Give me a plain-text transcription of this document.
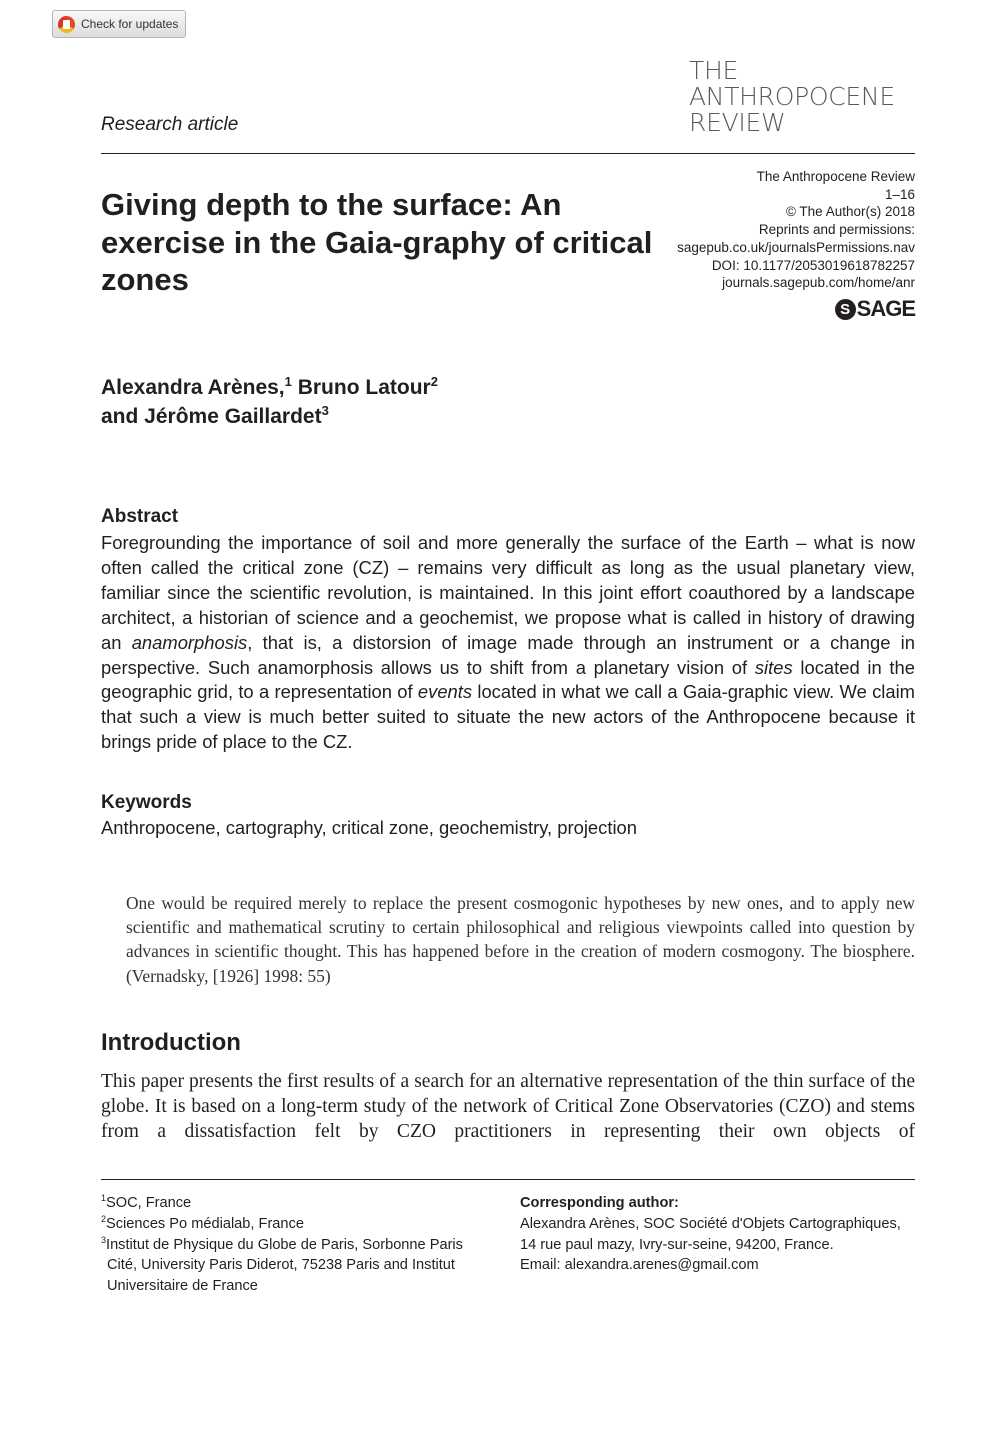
Check for updates
THE
ANTHROPOCENE
REVIEW
Research article
The Anthropocene Review
1–16
© The Author(s) 2018
Reprints and permissions:
sagepub.co.uk/journalsPermissions.nav
DOI: 10.1177/2053019618782257
journals.sagepub.com/home/anr
S SAGE
Giving depth to the surface: An exercise in the Gaia-graphy of critical zones
Alexandra Arènes,$^1$ Bruno Latour$^2$
and Jérôme Gaillardet$^3$
Abstract

Foregrounding the importance of soil and more generally the surface of the Earth – what is now often called the critical zone (CZ) – remains very difficult as long as the usual planetary view, familiar since the scientific revolution, is maintained. In this joint effort coauthored by a landscape architect, a historian of science and a geochemist, we propose what is called in history of drawing an anamorphosis, that is, a distorsion of image made through an instrument or a change in perspective. Such anamorphosis allows us to shift from a planetary vision of sites located in the geographic grid, to a representation of events located in what we call a Gaia-graphic view. We claim that such a view is much better suited to situate the new actors of the Anthropocene because it brings pride of place to the CZ.

Keywords
Anthropocene, cartography, critical zone, geochemistry, projection

One would be required merely to replace the present cosmogonic hypotheses by new ones, and to apply new scientific and mathematical scrutiny to certain philosophical and religious viewpoints called into question by advances in scientific thought. This has happened before in the creation of modern cosmogony. The biosphere. (Vernadsky, [1926] 1998: 55)

Introduction

This paper presents the first results of a search for an alternative representation of the thin surface of the globe. It is based on a long-term study of the network of Critical Zone Observatories (CZO) and stems from a dissatisfaction felt by CZO practitioners in representing their own objects of

$^1$SOC, France
$^2$Sciences Po médialab, France
$^3$Institut de Physique du Globe de Paris, Sorbonne Paris Cité, University Paris Diderot, 75238 Paris and Institut Universitaire de France
Corresponding author:
Alexandra Arènes, SOC Société d'Objets Cartographiques, 14 rue paul mazy, Ivry-sur-seine, 94200, France.
Email: alexandra.arenes@gmail.com
